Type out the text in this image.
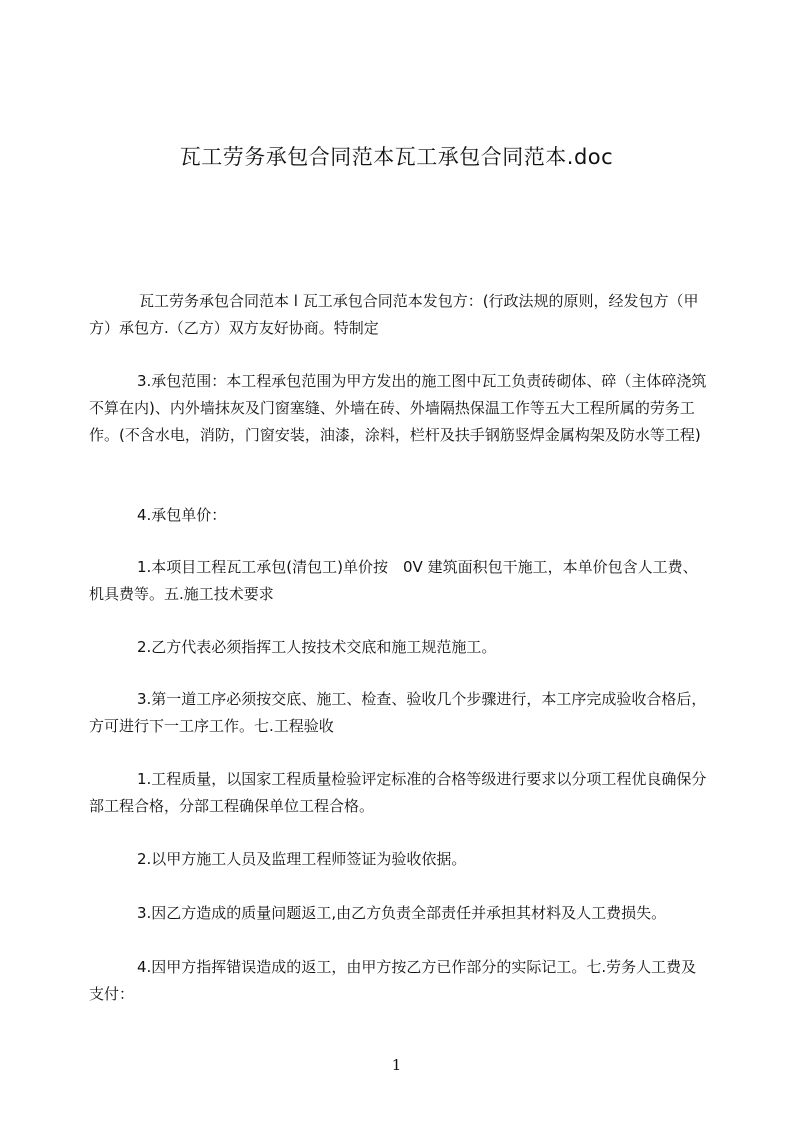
瓦工劳务承包合同范本瓦工承包合同范本.doc

瓦工劳务承包合同范本 l 瓦工承包合同范本发包方：(行政法规的原则，经发包方（甲方）承包方.（乙方）双方友好协商。特制定

3.承包范围：本工程承包范围为甲方发出的施工图中瓦工负责砖砌体、碎（主体碎浇筑不算在内)、内外墙抹灰及门窗塞缝、外墙在砖、外墙隔热保温工作等五大工程所属的劳务工作。(不含水电，消防，门窗安装，油漆，涂料，栏杆及扶手钢筋竖焊金属构架及防水等工程)

4.承包单价：

1.本项目工程瓦工承包(清包工)单价按　0V 建筑面积包干施工，本单价包含人工费、机具费等。五.施工技术要求

2.乙方代表必须指挥工人按技术交底和施工规范施工。

3.第一道工序必须按交底、施工、检查、验收几个步骤进行，本工序完成验收合格后，方可进行下一工序工作。七.工程验收

1.工程质量，以国家工程质量检验评定标准的合格等级进行要求以分项工程优良确保分部工程合格，分部工程确保单位工程合格。

2.以甲方施工人员及监理工程师签证为验收依据。

3.因乙方造成的质量问题返工,由乙方负责全部责任并承担其材料及人工费损失。

4.因甲方指挥错误造成的返工，由甲方按乙方已作部分的实际记工。七.劳务人工费及支付：

1
